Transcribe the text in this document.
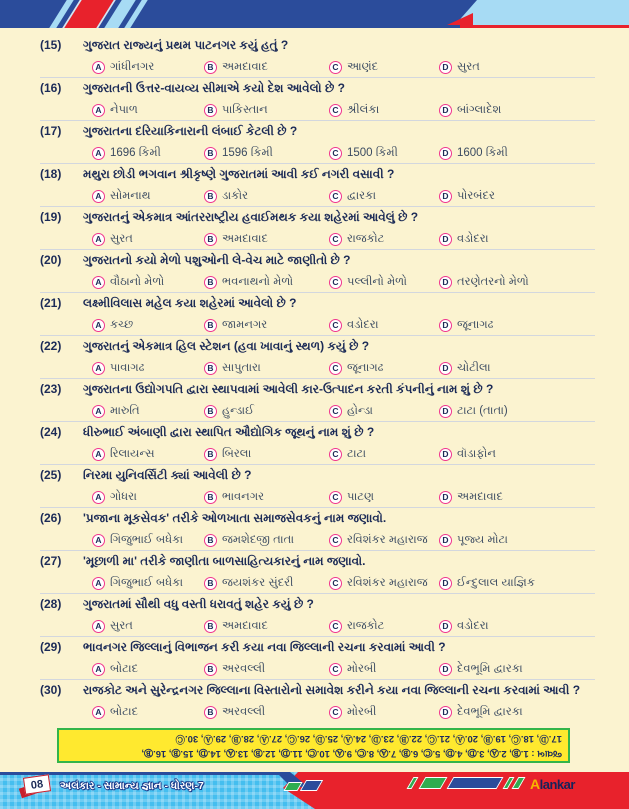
(15)	ગુજરાત રાજ્યનું પ્રથમ પાટનગર કયું હતું ?
A ગાંધીનગર	B અમદાવાદ	C આણંદ	D સુરત
(16)	ગુજરાતની ઉત્તર-વાયવ્ય સીમાએ કયો દેશ આવેલો છે ?
A નેપાળ	B પાકિસ્તાન	C શ્રીલંકા	D બાંગ્લાદેશ
(17)	ગુજરાતના દરિયાકિનારાની લંબાઈ કેટલી છે ?
A 1696 કિમી	B 1596 કિમી	C 1500 કિમી	D 1600 કિમી
(18)	મથુરા છોડી ભગવાન શ્રીકૃષ્ણે ગુજરાતમાં આવી કઈ નગરી વસાવી ?
A સોમનાથ	B ડાકોર	C દ્વારકા	D પોરબંદર
(19)	ગુજરાતનું એકમાત્ર આંતરરાષ્ટ્રીય હવાઈમથક કયા શહેરમાં આવેલું છે ?
A સુરત	B અમદાવાદ	C રાજકોટ	D વડોદરા
(20)	ગુજરાતનો કયો મેળો પશુઓની લે-વેચ માટે જાણીતો છે ?
A વૌઠાનો મેળો	B ભવનાથનો મેળો	C પલ્લીનો મેળો	D તરણેતરનો મેળો
(21)	લક્ષ્મીવિલાસ મહેલ કયા શહેરમાં આવેલો છે ?
A કચ્છ	B જામનગર	C વડોદરા	D જૂનાગઢ
(22)	ગુજરાતનું એકમાત્ર હિલ સ્ટેશન (હવા ખાવાનું સ્થળ) કયું છે ?
A પાવાગઢ	B સાપુતારા	C જૂનાગઢ	D ચોટીલા
(23)	ગુજરાતના ઉદ્યોગપતિ દ્વારા સ્થાપવામાં આવેલી કાર-ઉત્પાદન કરતી કંપનીનું નામ શું છે ?
A મારુતિ	B હુન્ડાઈ	C હોન્ડા	D ટાટા (તાતા)
(24)	ધીરુભાઈ અંબાણી દ્વારા સ્થાપિત ઔદ્યોગિક જૂથનું નામ શું છે ?
A રિલાયન્સ	B બિરલા	C ટાટા	D વૉડાફોન
(25)	નિરમા યુનિવર્સિટી ક્યાં આવેલી છે ?
A ગોધરા	B ભાવનગર	C પાટણ	D અમદાવાદ
(26)	'પ્રજાના મૂકસેવક' તરીકે ઓળખાતા સમાજસેવકનું નામ જણાવો.
A ગિજુભાઈ બધેકા	B જમશેદજી તાતા	C રવિશંકર મહારાજ	D પૂજ્ય મોટા
(27)	'મૂછાળી મા' તરીકે જાણીતા બાળસાહિત્યકારનું નામ જણાવો.
A ગિજુભાઈ બધેકા	B જયશંકર સુંદરી	C રવિશંકર મહારાજ	D ઈન્દુલાલ યાજ્ઞિક
(28)	ગુજરાતમાં સૌથી વધુ વસ્તી ધરાવતું શહેર કયું છે ?
A સુરત	B અમદાવાદ	C રાજકોટ	D વડોદરા
(29)	ભાવનગર જિલ્લાનું વિભાજન કરી કયા નવા જિલ્લાની રચના કરવામાં આવી ?
A બોટાદ	B અરવલ્લી	C મોરબી	D દેવભૂમિ દ્વારકા
(30)	રાજકોટ અને સુરેન્દ્રનગર જિલ્લાના વિસ્તારોનો સમાવેશ કરીને કયા નવા જિલ્લાની રચના કરવામાં આવી ?
A બોટાદ	B અરવલ્લી	C મોરબી	D દેવભૂમિ દ્વારકા
જવાબ : 1.Ⓑ, 2.Ⓐ, 3.Ⓓ, 4.Ⓓ, 5.Ⓒ, 6.Ⓑ, 7.Ⓐ, 8.Ⓒ, 9.Ⓐ, 10.Ⓒ, 11.Ⓓ, 12.Ⓑ, 13.Ⓐ, 14.Ⓓ, 15.Ⓑ, 16.Ⓑ,
17.Ⓓ, 18.Ⓒ, 19.Ⓑ, 20.Ⓐ, 21.Ⓒ, 22.Ⓑ, 23.Ⓓ, 24.Ⓐ, 25.Ⓓ, 26.Ⓒ, 27.Ⓐ, 28.Ⓑ, 29.Ⓐ, 30.Ⓒ
08	અલંકાર - સામાન્ય જ્ઞાન - ધોરણ-7	Alankar
